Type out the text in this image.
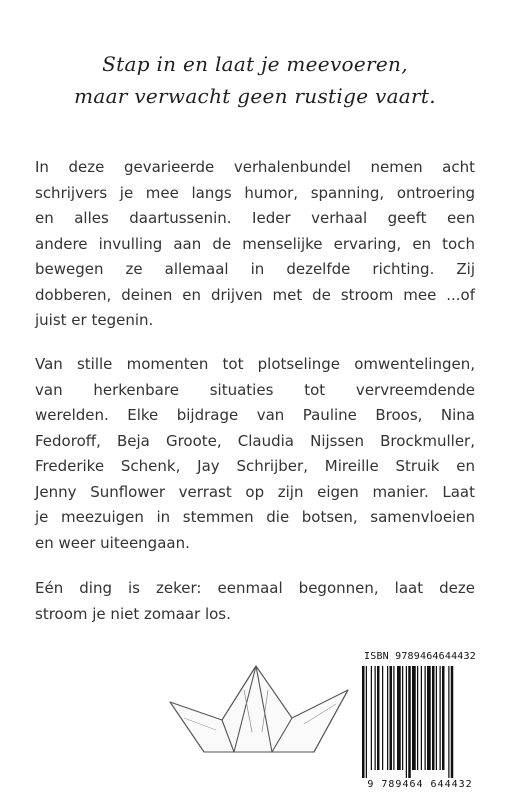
Stap in en laat je meevoeren,
maar verwacht geen rustige vaart.

In deze gevarieerde verhalenbundel nemen acht
schrijvers je mee langs humor, spanning, ontroering
en alles daartussenin. Ieder verhaal geeft een
andere invulling aan de menselijke ervaring, en toch
bewegen ze allemaal in dezelfde richting. Zij
dobberen, deinen en drijven met de stroom mee ...of
juist er tegenin.

Van stille momenten tot plotselinge omwentelingen,
van herkenbare situaties tot vervreemdende
werelden. Elke bijdrage van Pauline Broos, Nina
Fedoroff, Beja Groote, Claudia Nijssen Brockmuller,
Frederike Schenk, Jay Schrijber, Mireille Struik en
Jenny Sunflower verrast op zijn eigen manier. Laat
je meezuigen in stemmen die botsen, samenvloeien
en weer uiteengaan.

Eén ding is zeker: eenmaal begonnen, laat deze
stroom je niet zomaar los.

ISBN 9789464644432
9 789464 644432
